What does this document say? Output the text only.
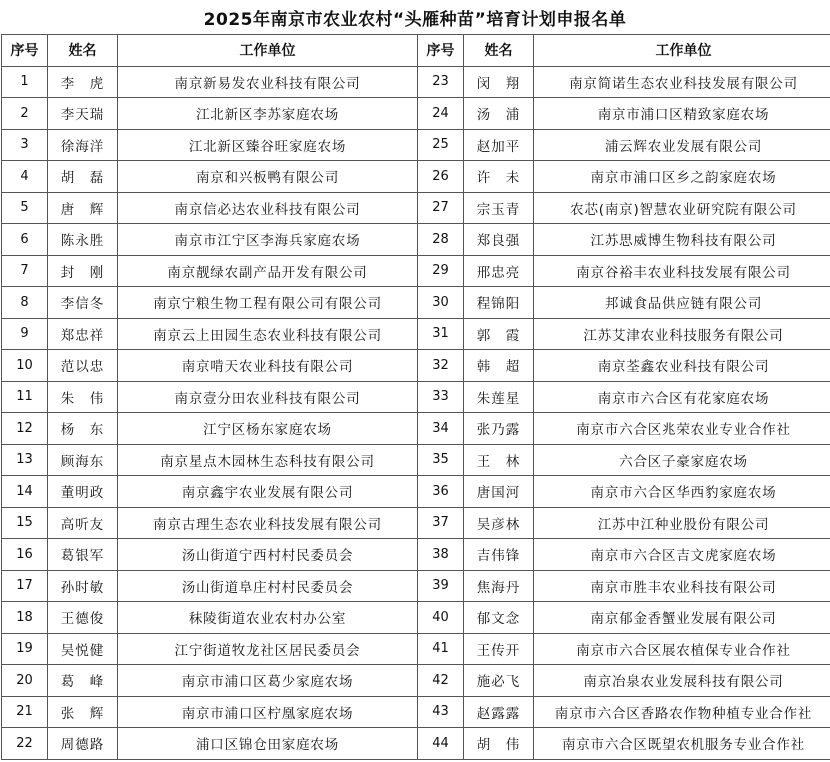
2025年南京市农业农村“头雁种苗”培育计划申报名单
序号	姓名	工作单位	序号	姓名	工作单位
1	李　虎	南京新易发农业科技有限公司	23	闵　翔	南京简诺生态农业科技发展有限公司
2	李天瑞	江北新区李苏家庭农场	24	汤　浦	南京市浦口区精致家庭农场
3	徐海洋	江北新区臻谷旺家庭农场	25	赵加平	浦云辉农业发展有限公司
4	胡　磊	南京和兴板鸭有限公司	26	许　未	南京市浦口区乡之韵家庭农场
5	唐　辉	南京信必达农业科技有限公司	27	宗玉青	农芯(南京)智慧农业研究院有限公司
6	陈永胜	南京市江宁区李海兵家庭农场	28	郑良强	江苏思威博生物科技有限公司
7	封　刚	南京靓绿农副产品开发有限公司	29	邢忠亮	南京谷裕丰农业科技发展有限公司
8	李信冬	南京宁粮生物工程有限公司有限公司	30	程锦阳	邦诚食品供应链有限公司
9	郑忠祥	南京云上田园生态农业科技有限公司	31	郭　霞	江苏艾津农业科技服务有限公司
10	范以忠	南京啃天农业科技有限公司	32	韩　超	南京荃鑫农业科技有限公司
11	朱　伟	南京壹分田农业科技有限公司	33	朱莲星	南京市六合区有花家庭农场
12	杨　东	江宁区杨东家庭农场	34	张乃露	南京市六合区兆荣农业专业合作社
13	顾海东	南京星点木园林生态科技有限公司	35	王　林	六合区子豪家庭农场
14	董明政	南京鑫宇农业发展有限公司	36	唐国河	南京市六合区华西豹家庭农场
15	高听友	南京古理生态农业科技发展有限公司	37	吴彦林	江苏中江种业股份有限公司
16	葛银军	汤山街道宁西村村民委员会	38	吉伟锋	南京市六合区吉文虎家庭农场
17	孙时敏	汤山街道阜庄村村民委员会	39	焦海丹	南京市胜丰农业科技有限公司
18	王德俊	秣陵街道农业农村办公室	40	郁文念	南京郁金香蟹业发展有限公司
19	吴悦健	江宁街道牧龙社区居民委员会	41	王传开	南京市六合区展农植保专业合作社
20	葛　峰	南京市浦口区葛少家庭农场	42	施必飞	南京冶泉农业发展科技有限公司
21	张　辉	南京市浦口区柠凰家庭农场	43	赵露露	南京市六合区香路农作物种植专业合作社
22	周德路	浦口区锦仓田家庭农场	44	胡　伟	南京市六合区既望农机服务专业合作社
